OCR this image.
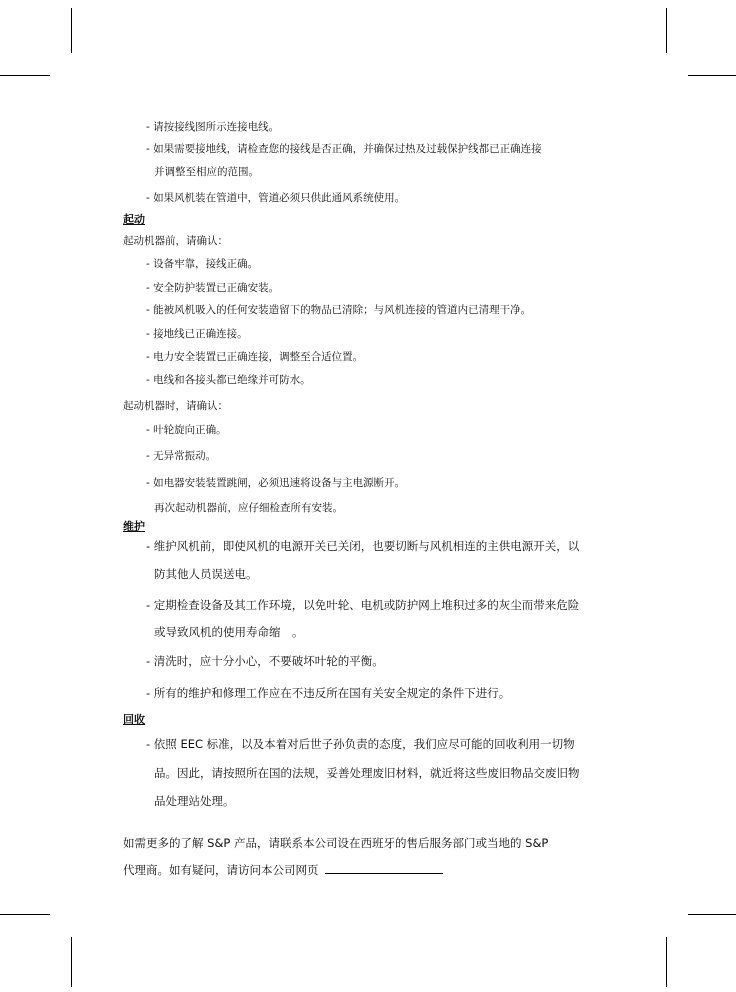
- 请按接线图所示连接电线。
- 如果需要接地线，请检查您的接线是否正确，并确保过热及过载保护线都已正确连接
并调整至相应的范围。
- 如果风机装在管道中，管道必须只供此通风系统使用。
起动
起动机器前，请确认：
- 设备牢靠，接线正确。
- 安全防护装置已正确安装。
- 能被风机吸入的任何安装造留下的物品已清除；与风机连接的管道内已清理干净。
- 接地线已正确连接。
- 电力安全装置已正确连接，调整至合适位置。
- 电线和各接头都已绝缘并可防水。
起动机器时，请确认：
- 叶轮旋向正确。
- 无异常振动。
- 如电器安装装置跳闸，必须迅速将设备与主电源断开。
再次起动机器前，应仔细检查所有安装。
维护
- 维护风机前，即使风机的电源开关已关闭，也要切断与风机相连的主供电源开关，以
防其他人员误送电。
- 定期检查设备及其工作环境，以免叶轮、电机或防护网上堆积过多的灰尘而带来危险
或导致风机的使用寿命缩　。
- 清洗时，应十分小心，不要破坏叶轮的平衡。
- 所有的维护和修理工作应在不违反所在国有关安全规定的条件下进行。
回收
- 依照 EEC 标准，以及本着对后世子孙负责的态度，我们应尽可能的回收利用一切物
品。因此，请按照所在国的法规，妥善处理废旧材料，就近将这些废旧物品交废旧物
品处理站处理。
如需更多的了解 S&P 产品，请联系本公司设在西班牙的售后服务部门或当地的 S&P
代理商。如有疑问，请访问本公司网页
